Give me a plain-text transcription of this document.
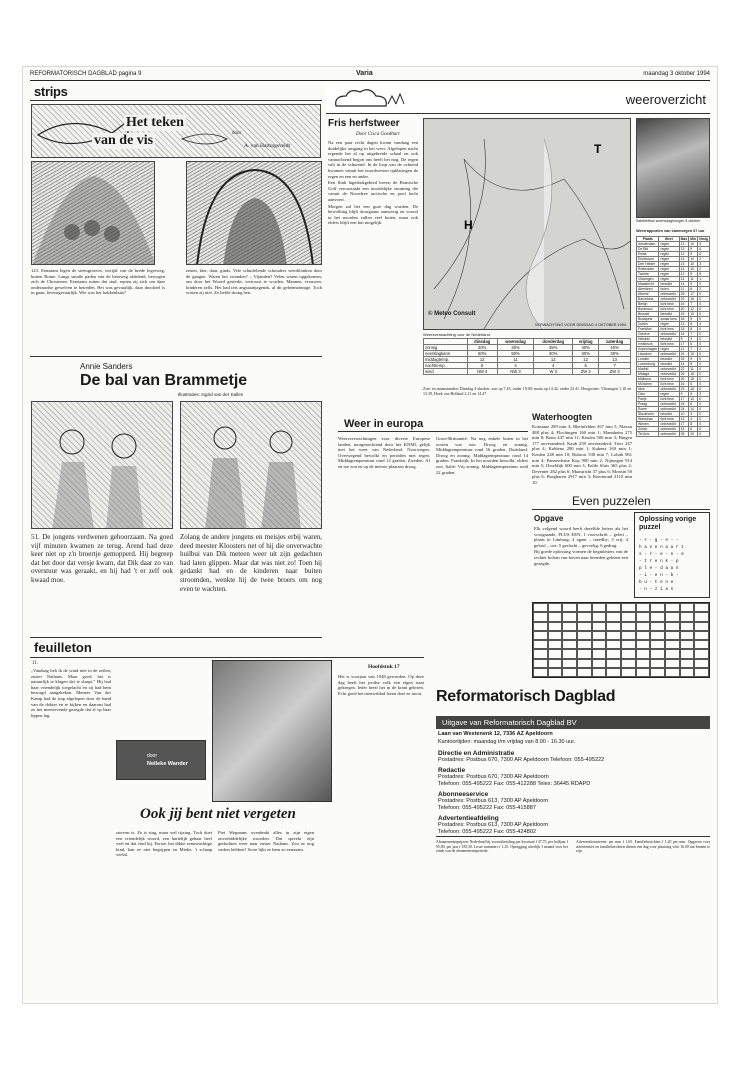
REFORMATORISCH DAGBLAD pagina 9	Varia	maandag 3 oktober 1994
strips
Het teken
van de vis	door
A. van Hartingsveldt
123. Eenzaam legen de steengroeves, terrijdt van de brede legerweg, buiten Rome. Langs smalle paden van de heerweg afdalend, bewogen zich de Christenen. Eenzaam ruiten dat stad, repten zij zich om daar onderaardse gewelven te betreden. Het was gevaarlijk, daar doodziel is in gaan, levensgevaarlijk. Wie was het hokkenhuis?
zeuen, hier, daar, ginds. Vele schuifelende schouders weerklonken door de gangen. Waren het vrienden? – Vijanden? Velen waren opgekomen, om door het Woord gesterkt, vertroost te worden. Mannen, vrouwen, kinderen zelfs. Het had tets angstaanjagends, al dit geheimzinnige. Toch wisten zij niet. Ze liefde drong hen.
Annie Sanders
De bal van Brammetje
Illustraties: Ingrid van der Kallen
51. De jongens verdwenen gehoorzaam. Na goed vijf minuten kwamen ze terug. Arend had deze keer niet op z'n broertje gemopperd. Hij begreep dat het door dat versje kwam, dat Dik daar zo van overstuur was geraakt, en hij had 't er zelf ook kwaad moe.
Zolang de andere jongens en meisjes erbij waren, deed meester Kloosters net of hij die onverwachte huilbui van Dik meteen weer uit zijn gedachten had laten glippen. Maar dat was niet zo! Toen hij gedankt had en de kinderen naar buiten stroomden, wenkte hij de twee broers om nog even te wachten.
feuilleton
11.
„Vandaag heb ik de wind niet in de zeilen, zuster Nathans. Maar goed, het is natuurlijk te klagen dat ie slaapt.” Hij had haar vriendelijk toegelacht en zij had hem bezorgd aangekeken. Meneer Van der Kamp had de trap afgelopen door de hand van de dokter en te kijken en daarom had zo het meestevende gezegde dat al op haar lippen lag.
door
Nelleke Wander
Ook jij bent niet vergeten
storven is. Ze is stug, maar wel rijzing. Toch doet een vriendelijk woord, een hartelijk gebaar heel veel en dat vind hij. Eerste, het dikke zenuwachtige kind, kan ze niet begrijpen en Mieke, 't schaap veelal.
Piet Wegmans overdenkt alles in zijn eigen onverbiddelijke woorden. Dat spreekt zijn gedachten weer naar zuster Nathans. Zou ze nog vaders hebben? Sorte lijkt ze hem zo eenzaam.
Hoofdstuk 17
Het is voorjaar van 1948 geworden. Op deze dag heeft het joodse volk een eigen staat gekregen. Ieder heeft het in de krant gelezen. Echt goed het nieuwsblad lezen doet ze nooit.
weeroverzicht
Fris herfstweer
Door Cisca Goedhart

Na een paar recht dagen kwam vandaag een duidelijke omgang in het weer. Afgelopen nacht regende het al op uitgebreide schaal en ook vannochtend begon ons heeft het nog. De regen valt in de schurend. In de loop van de ochtend kwamen vanuit het noordwesten opklaringen de regen en een en ander.

Een flink lagedrukgebied boven de Botnische Golf veroorzaakt een noordelijke stroming die vanuit de Noordzee arctische en pool lucht aanvoert.

Morgen zal het een gure dag worden. De bewolking blijft doorgaans aanwezig en vooral in het noorden vallen veel buien, maar ook elders blijft een bui mogelijk.	H
T
© Meteo Consult
VERWACHTING VOOR DINSDAG 4 OKTOBER 1994
Satellietfoto woensdagmorgen 4 oktober
Weerrapporten van vanmorgen 07 uur
Plaats	Weer	Max	Min	Nrslg
Amsterdam	regen	13	10	3
De Bilt	regen	13	9	4
Eelde	regen	12	9	6
Eindhoven	regen	13	10	2
Den Helder	regen	13	10	3
Rotterdam	regen	14	10	2
Twente	regen	12	9	5
Vlissingen	regen	14	11	1
Maastricht	bewolkt	14	9	0
Aberdeen	buien	11	6	2
Athene	onbewolkt	25	17	0
Barcelona	onbewolkt	23	16	0
Berlijn	licht bew.	15	7	0
Bordeaux	licht bew.	20	12	0
Brussel	bewolkt	15	10	0
Budapest	zwaar bew.	18	9	0
Dublin	regen	13	8	4
Frankfort	licht bew.	15	8	0
Genève	onbewolkt	16	7	0
Helsinki	bewolkt	9	3	0
Innsbruck	licht bew.	17	6	0
Kopenhagen	regen	11	7	2
Lissabon	onbewolkt	24	15	0
Londen	bewolkt	15	9	0
Luxemburg	bewolkt	14	8	0
Madrid	onbewolkt	22	11	0
Malaga	onbewolkt	26	16	0
Mallorca	licht bew.	25	16	0
München	licht bew.	16	6	0
Nice	onbewolkt	23	16	0
Oslo	regen	9	5	3
Parijs	licht bew.	17	10	0
Praag	onbewolkt	15	6	0
Rome	onbewolkt	24	14	0
Stockholm	bewolkt	10	4	0
Warschau	licht bew.	13	4	0
Wenen	onbewolkt	17	8	0
Zürich	onbewolkt	15	6	0
Tel Aviv	onbewolkt	28	20	0
Weersverwachting voor de Nederland
	dinsdag	woensdag	donderdag	vrijdag	zaterdag
zonnig	20%	25%	35%	40%	40%
neerslagkans	60%	50%	30%	30%	30%
middagtemp.	12	11	12	12	13
nachttemp.	5	4	4	6	7
wind	NW 4	NW 3	W 3	ZW 3	ZW 3
Zon- en maanstanden: Dinsdag 4 oktober: zon op 7.45, onder 19.00; maan op 14.42, onder 23.41. Hoogwater: Vlissingen 1.10 en 13.39, Hoek van Holland 2.21 en 14.47.
Waterhoogten

Konstanz 289 min 3; Rheinfelden 267 min 5; Maxau 488 plus 4; Plochingen 160 min 1; Mannheim 275 min 8; Bonn 447 min 11; Keulen 506 min 3; Bingen 177 onveranderd; Kaub 259 onveranderd; Trier 247 plus 4; Koblenz 200 min 1; Kubenz 160 min 1; Keulen 248 min 10; Ruhrort 538 min 7; Lobith 961 min 4; Pannerdense Kop 900 min 2; Nijmegen 914 min 5; IJsseldijk 600 min 3; Eefde Sluis 365 plus 2; Deventer 282 plus 6; Maastricht 37 plus 6; Monsin 50 plus 6; Borgharen 2917 min 3; Roermond 2110 min 10.

Weer in europa
Weersverwachtingen voor diverse Europese landen, morgenochtend door het KNMI, gelijk met het weer van Nederland. Noorwegen: Overwegend bewolkt en perioden met regen. Middagtemperatuur rond 12 graden. Zweden: Af en toe zon en op de meeste plaatsen droog.
Groot-Brittannië: Na nog enkele buien in het oosten wat zon. Droog en zonnig. Middagtemperatuur rond 16 graden. Duitsland: Droog en zonnig. Middagtemperatuur rond 14 graden. Frankrijk: In het noorden bewolkt, elders zon. Italië: Vrij zonnig. Middagtemperatuur rond 22 graden.
Even puzzelen
Opgave

Elk volgend woord heeft dezelfde letters als het voorgaande, PLUS EEN: 1 voorschrift – geleit – plaats in Limburg; 2 agent – ineedhy; 3 vrij; 4 geloof – oor; 5 geslacht – gevoelig; 6 gedrag.

Bij goede oplossing vormen de beginletters van de rechter kolom van boven naar beneden gelezen een gezegde.

Oplossing vorige puzzel
- r - g - e - -
h a v e n a a r t
s - r - e - n - e
- t r e n k - p
p l e - d a a n
- i - e n - b -
b u - t e n e
- n - z i a n
Reformatorisch Dagblad
Uitgave van Reformatorisch Dagblad BV
Laan van Westenenk 12, 7336 AZ Apeldoorn
Kantoortijden: maandag t/m vrijdag van 8.00 - 16.30 uur.
Directie en Administratie
Postadres: Postbus 670, 7300 AR Apeldoorn Telefoon: 055-495222
Redactie
Postadres: Postbus 670, 7300 AR Apeldoorn
Telefoon: 055-495222 Fax: 055-412288 Telex: 36445 RDAPD
Abonneeservice
Postadres: Postbus 613, 7300 AP Apeldoorn
Telefoon: 055-495222 Fax: 055-415887
Advertentieafdeling
Postadres: Postbus 613, 7300 AP Apeldoorn
Telefoon: 055-495222 Fax: 055-424802
Abonnementsprijzen: Nederland bij vooruitbetaling per kwartaal f 47,75, per halfjaar f 95,00, per jaar f 185,50. Losse nummers f 1,25. Opzegging uiterlijk 1 maand voor het einde van de abonnementsperiode.
Advertentietarieven: per mm f 1,65. Familieberichten f 1,20 per mm. Opgaven voor advertenties en familieberichten dienen een dag voor plaatsing vóór 16.00 uur binnen te zijn.
